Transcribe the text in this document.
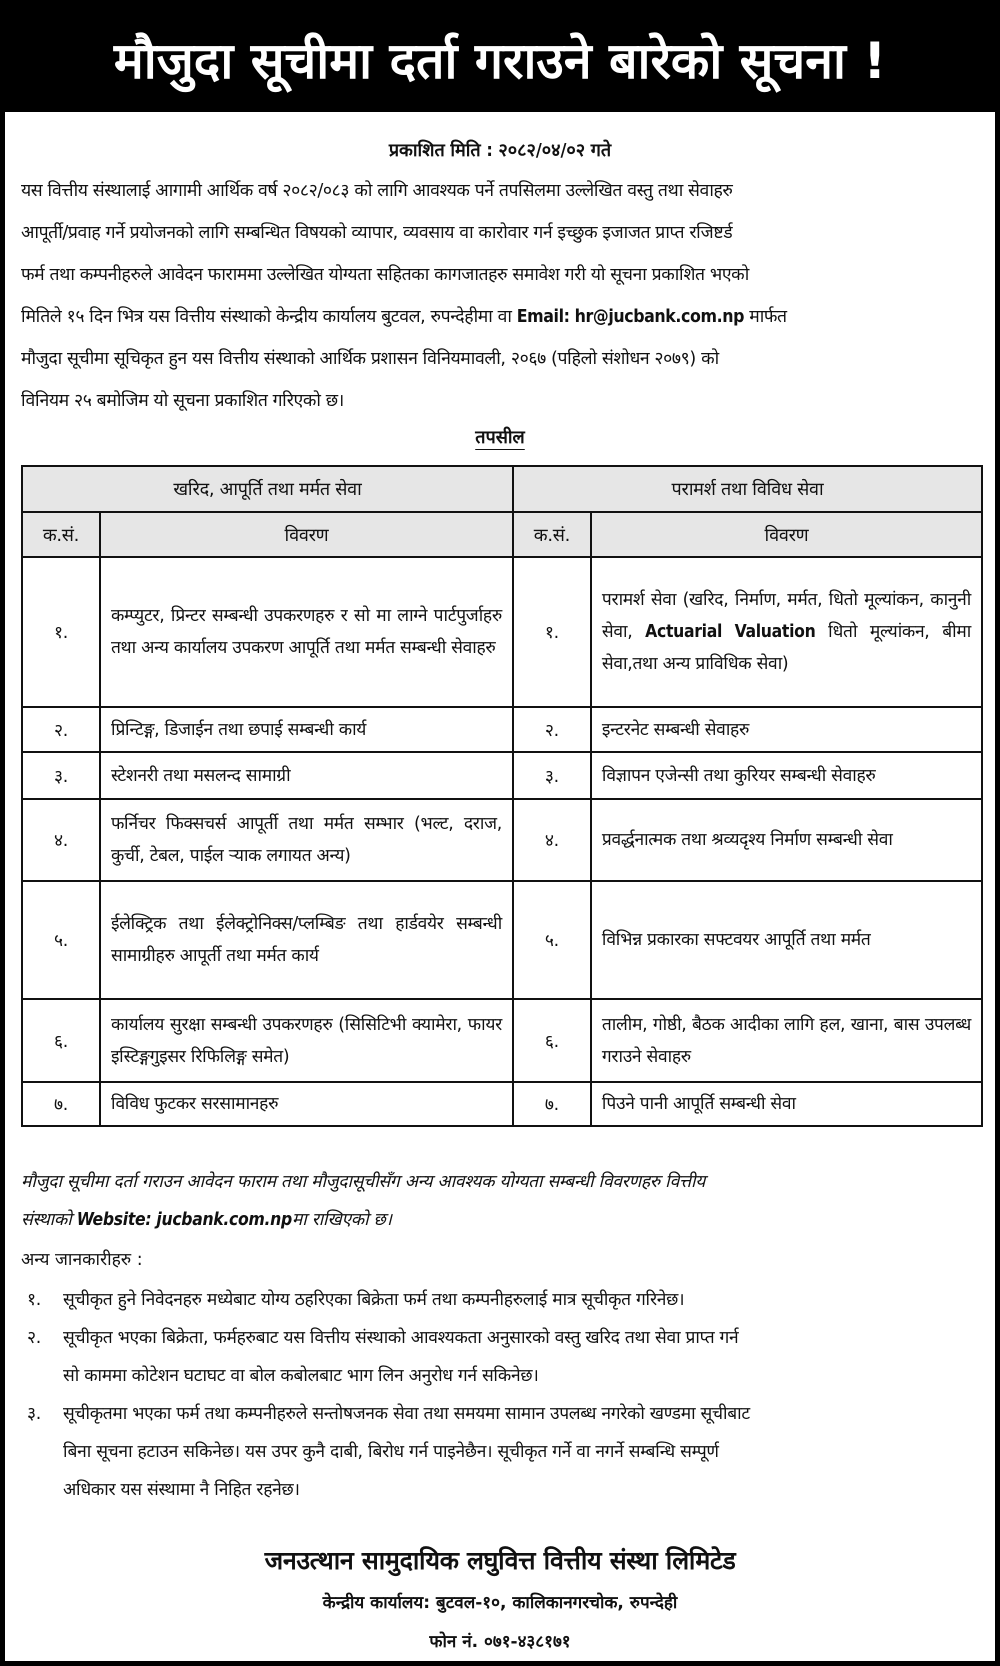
मौजुदा सूचीमा दर्ता गराउने बारेको सूचना !
प्रकाशित मिति : २०८२/०४/०२ गते
यस वित्तीय संस्थालाई आगामी आर्थिक वर्ष २०८२/०८३ को लागि आवश्यक पर्ने तपसिलमा उल्लेखित वस्तु तथा सेवाहरु
आपूर्ती/प्रवाह गर्ने प्रयोजनको लागि सम्बन्धित विषयको व्यापार, व्यवसाय वा कारोवार गर्न इच्छुक इजाजत प्राप्त रजिष्टर्ड
फर्म तथा कम्पनीहरुले आवेदन फाराममा उल्लेखित योग्यता सहितका कागजातहरु समावेश गरी यो सूचना प्रकाशित भएको
मितिले १५ दिन भित्र यस वित्तीय संस्थाको केन्द्रीय कार्यालय बुटवल, रुपन्देहीमा वा Email: hr@jucbank.com.np मार्फत
मौजुदा सूचीमा सूचिकृत हुन यस वित्तीय संस्थाको आर्थिक प्रशासन विनियमावली, २०६७ (पहिलो संशोधन २०७९) को
विनियम २५ बमोजिम यो सूचना प्रकाशित गरिएको छ।
तपसील
खरिद, आपूर्ति तथा मर्मत सेवा		परामर्श तथा विविध सेवा	
क.सं.	विवरण	क.सं.	विवरण
१.	कम्प्युटर, प्रिन्टर सम्बन्धी उपकरणहरु र सो मा लाग्ने पार्टपुर्जाहरु तथा अन्य कार्यालय उपकरण आपूर्ति तथा मर्मत सम्बन्धी सेवाहरु	१.	परामर्श सेवा (खरिद, निर्माण, मर्मत, धितो मूल्यांकन, कानुनी सेवा, Actuarial Valuation धितो मूल्यांकन, बीमा सेवा,तथा अन्य प्राविधिक सेवा)
२.	प्रिन्टिङ्ग, डिजाईन तथा छपाई सम्बन्धी कार्य	२.	इन्टरनेट सम्बन्धी सेवाहरु
३.	स्टेशनरी तथा मसलन्द सामाग्री	३.	विज्ञापन एजेन्सी तथा कुरियर सम्बन्धी सेवाहरु
४.	फर्निचर फिक्सचर्स आपूर्ती तथा मर्मत सम्भार (भल्ट, दराज, कुर्ची, टेबल, पाईल ऱ्याक लगायत अन्य)	४.	प्रवर्द्धनात्मक तथा श्रव्यदृश्य निर्माण सम्बन्धी सेवा
५.	ईलेक्ट्रिक तथा ईलेक्ट्रोनिक्स/प्लम्बिङ तथा हार्डवयेर सम्बन्धी सामाग्रीहरु आपूर्ती तथा मर्मत कार्य	५.	विभिन्न प्रकारका सफ्टवयर आपूर्ति तथा मर्मत
६.	कार्यालय सुरक्षा सम्बन्धी उपकरणहरु (सिसिटिभी क्यामेरा, फायर इस्टिङ्गगुइसर रिफिलिङ्ग समेत)	६.	तालीम, गोष्ठी, बैठक आदीका लागि हल, खाना, बास उपलब्ध गराउने सेवाहरु
७.	विविध फुटकर सरसामानहरु	७.	पिउने पानी आपूर्ति सम्बन्धी सेवा
मौजुदा सूचीमा दर्ता गराउन आवेदन फाराम तथा मौजुदासूचीसँग अन्य आवश्यक योग्यता सम्बन्धी विवरणहरु वित्तीय
संस्थाको Website: jucbank.com.npमा राखिएको छ।
अन्य जानकारीहरु :
१. सूचीकृत हुने निवेदनहरु मध्येबाट योग्य ठहरिएका बिक्रेता फर्म तथा कम्पनीहरुलाई मात्र सूचीकृत गरिनेछ।
२. सूचीकृत भएका बिक्रेता, फर्महरुबाट यस वित्तीय संस्थाको आवश्यकता अनुसारको वस्तु खरिद तथा सेवा प्राप्त गर्न
सो काममा कोटेशन घटाघट वा बोल कबोलबाट भाग लिन अनुरोध गर्न सकिनेछ।
३. सूचीकृतमा भएका फर्म तथा कम्पनीहरुले सन्तोषजनक सेवा तथा समयमा सामान उपलब्ध नगरेको खण्डमा सूचीबाट
बिना सूचना हटाउन सकिनेछ। यस उपर कुनै दाबी, बिरोध गर्न पाइनेछैन। सूचीकृत गर्ने वा नगर्ने सम्बन्धि सम्पूर्ण
अधिकार यस संस्थामा नै निहित रहनेछ।
जनउत्थान सामुदायिक लघुवित्त वित्तीय संस्था लिमिटेड
केन्द्रीय कार्यालय: बुटवल-१०, कालिकानगरचोक, रुपन्देही
फोन नं. ०७१-४३८१७१
